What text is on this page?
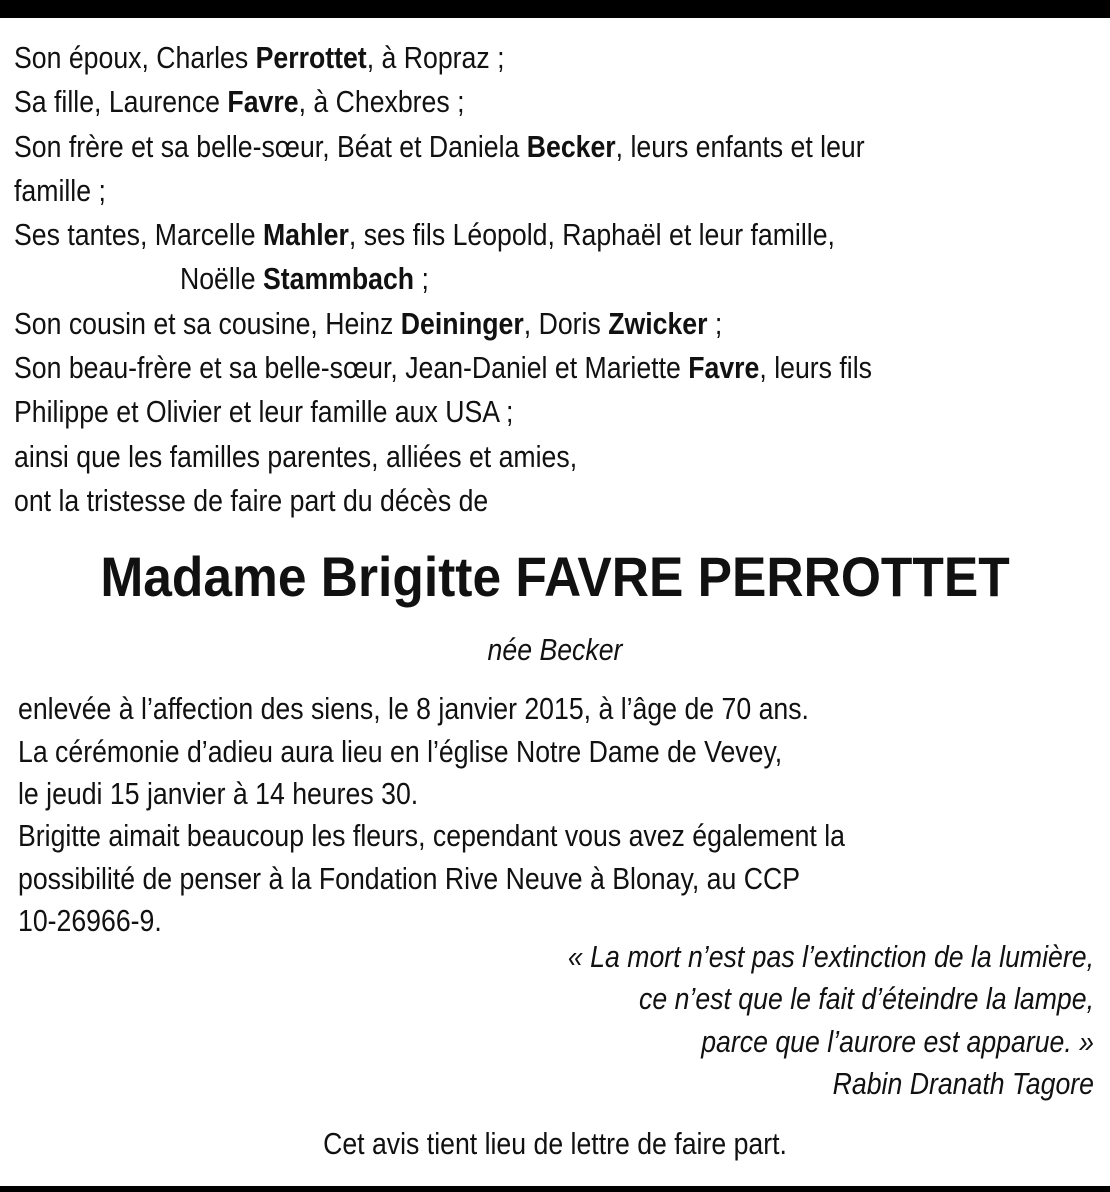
Son époux, Charles Perrottet, à Ropraz ;
Sa fille, Laurence Favre, à Chexbres ;
Son frère et sa belle-sœur, Béat et Daniela Becker, leurs enfants et leur
famille ;
Ses tantes, Marcelle Mahler, ses fils Léopold, Raphaël et leur famille,
Noëlle Stammbach ;
Son cousin et sa cousine, Heinz Deininger, Doris Zwicker ;
Son beau-frère et sa belle-sœur, Jean-Daniel et Mariette Favre, leurs fils
Philippe et Olivier et leur famille aux USA ;
ainsi que les familles parentes, alliées et amies,
ont la tristesse de faire part du décès de
Madame Brigitte FAVRE PERROTTET
née Becker
enlevée à l’affection des siens, le 8 janvier 2015, à l’âge de 70 ans.
La cérémonie d’adieu aura lieu en l’église Notre Dame de Vevey,
le jeudi 15 janvier à 14 heures 30.
Brigitte aimait beaucoup les fleurs, cependant vous avez également la
possibilité de penser à la Fondation Rive Neuve à Blonay, au CCP
10-26966-9.
« La mort n’est pas l’extinction de la lumière,
ce n’est que le fait d’éteindre la lampe,
parce que l’aurore est apparue. »
Rabin Dranath Tagore
Cet avis tient lieu de lettre de faire part.
